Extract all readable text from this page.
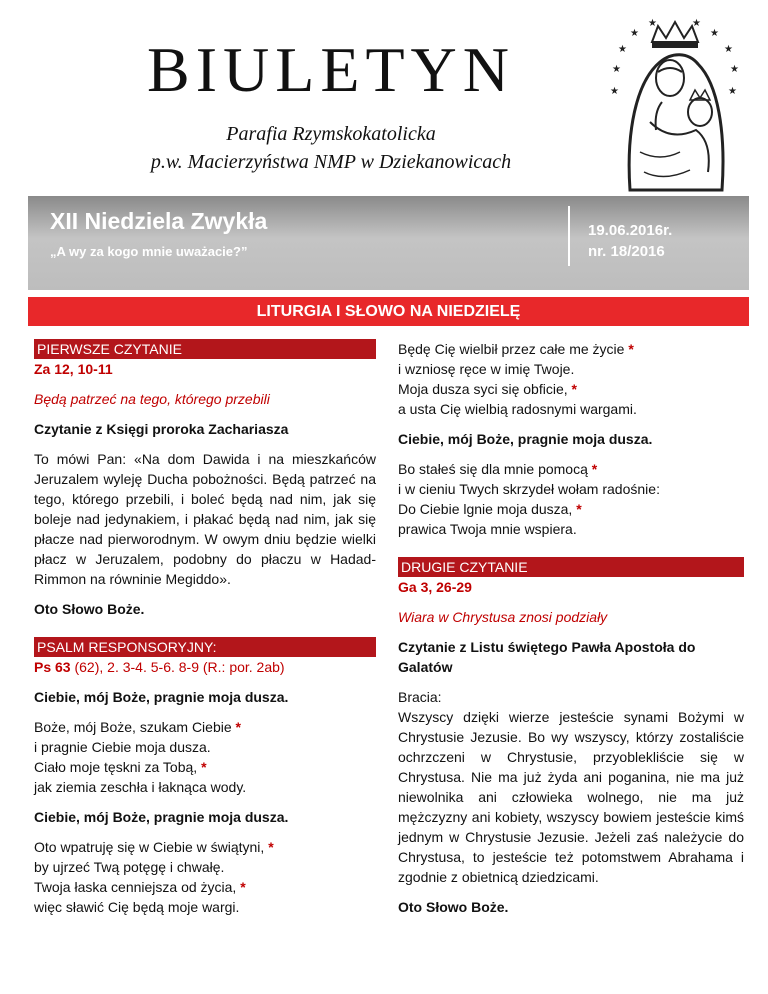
BIULETYN
Parafia Rzymskokatolicka
p.w. Macierzyństwa NMP w Dziekanowicach
★
★
★
★	★
★
★
★
★
★
XII Niedziela Zwykła
„A wy za kogo mnie uważacie?”
19.06.2016r.
nr. 18/2016
LITURGIA I SŁOWO NA NIEDZIELĘ
PIERWSZE CZYTANIE

Za 12, 10-11

Będą patrzeć na tego, którego przebili

Czytanie z Księgi proroka Zachariasza

To mówi Pan: «Na dom Dawida i na mieszkańców Jeruzalem wyleję Ducha pobożności. Będą patrzeć na tego, którego przebili, i boleć będą nad nim, jak się boleje nad jedynakiem, i płakać będą nad nim, jak się płacze nad pierworodnym. W owym dniu będzie wielki płacz w Jeruzalem, podobny do płaczu w Hadad-Rimmon na równinie Megiddo».

Oto Słowo Boże.

PSALM RESPONSORYJNY:

Ps 63 (62), 2. 3-4. 5-6. 8-9 (R.: por. 2ab)

Ciebie, mój Boże, pragnie moja dusza.

Boże, mój Boże, szukam Ciebie *

i pragnie Ciebie moja dusza.

Ciało moje tęskni za Tobą, *

jak ziemia zeschła i łaknąca wody.

Ciebie, mój Boże, pragnie moja dusza.

Oto wpatruję się w Ciebie w świątyni, *

by ujrzeć Twą potęgę i chwałę.

Twoja łaska cenniejsza od życia, *

więc sławić Cię będą moje wargi.

Będę Cię wielbił przez całe me życie *

i wzniosę ręce w imię Twoje.

Moja dusza syci się obficie, *

a usta Cię wielbią radosnymi wargami.

Ciebie, mój Boże, pragnie moja dusza.

Bo stałeś się dla mnie pomocą *

i w cieniu Twych skrzydeł wołam radośnie:

Do Ciebie lgnie moja dusza, *

prawica Twoja mnie wspiera.

DRUGIE CZYTANIE

Ga 3, 26-29

Wiara w Chrystusa znosi podziały

Czytanie z Listu świętego Pawła Apostoła do Galatów

Bracia:

Wszyscy dzięki wierze jesteście synami Bożymi w Chrystusie Jezusie. Bo wy wszyscy, którzy zostaliście ochrzczeni w Chrystusie, przyoblekliście się w Chrystusa. Nie ma już żyda ani poganina, nie ma już niewolnika ani człowieka wolnego, nie ma już mężczyzny ani kobiety, wszyscy bowiem jesteście kimś jednym w Chrystusie Jezusie. Jeżeli zaś należycie do Chrystusa, to jesteście też potomstwem Abrahama i zgodnie z obietnicą dziedzicami.

Oto Słowo Boże.
